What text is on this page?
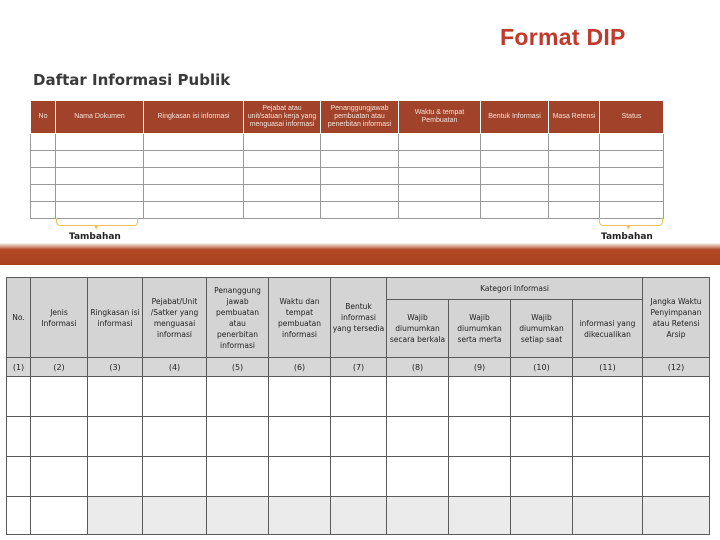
Format DIP
Daftar Informasi Publik
No	Nama Dokumen	Ringkasan isi informasi	Pejabat atau unit/satuan kerja yang menguasai informasi	Penanggungjawab pembuatan atau penerbitan informasi	Waktu & tempat Pembuatan	Bentuk Informasi	Masa Retensi	Status

▼
Tambahan
▼
Tambahan
No.	Jenis Informasi	Ringkasan isi informasi	Pejabat/Unit /Satker yang menguasai informasi	Penanggung jawab pembuatan atau penerbitan informasi	Waktu dan tempat pembuatan informasi	Bentuk informasi yang tersedia	Kategori Informasi				Jangka Waktu Penyimpanan atau Retensi Arsip
							Wajib diumumkan secara berkala	Wajib diumumkan serta merta	Wajib diumumkan setiap saat	informasi yang dikecualikan	
(1)	(2)	(3)	(4)	(5)	(6)	(7)	(8)	(9)	(10)	(11)	(12)
